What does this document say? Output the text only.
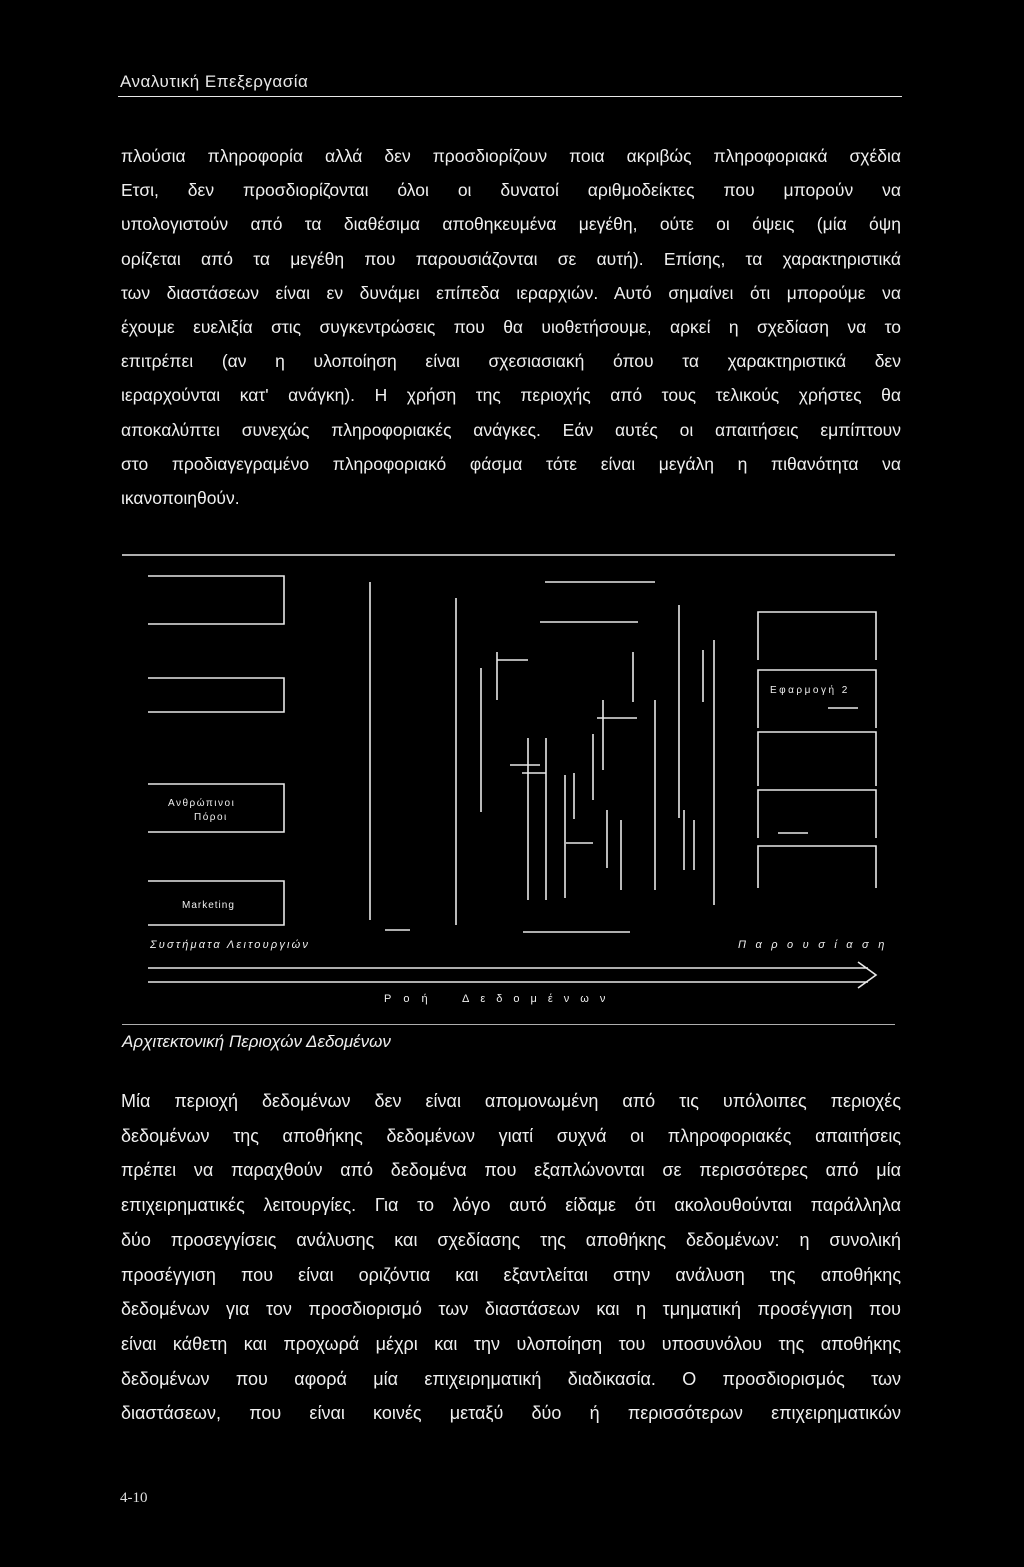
Αναλυτική Επεξεργασία
πλούσια πληροφορία αλλά δεν προσδιορίζουν ποια ακριβώς πληροφοριακά σχέδια
Ετσι, δεν προσδιορίζονται όλοι οι δυνατοί αριθμοδείκτες που μπορούν να
υπολογιστούν από τα διαθέσιμα αποθηκευμένα μεγέθη, ούτε οι όψεις (μία όψη
ορίζεται από τα μεγέθη που παρουσιάζονται σε αυτή). Επίσης, τα χαρακτηριστικά
των διαστάσεων είναι εν δυνάμει επίπεδα ιεραρχιών. Αυτό σημαίνει ότι μπορούμε να
έχουμε ευελιξία στις συγκεντρώσεις που θα υιοθετήσουμε, αρκεί η σχεδίαση να το
επιτρέπει (αν η υλοποίηση είναι σχεσιασιακή όπου τα χαρακτηριστικά δεν
ιεραρχούνται κατ' ανάγκη). Η χρήση της περιοχής από τους τελικούς χρήστες θα
αποκαλύπτει συνεχώς πληροφοριακές ανάγκες. Εάν αυτές οι απαιτήσεις εμπίπτουν
στο προδιαγεγραμένο πληροφοριακό φάσμα τότε είναι μεγάλη η πιθανότητα να
ικανοποιηθούν.
Ανθρώπινοι
Πόροι
Marketing
Εφαρμογή 2
Συστήματα Λειτουργιών	Παρουσίαση
Ροή Δεδομένων
Αρχιτεκτονική Περιοχών Δεδομένων
Μία περιοχή δεδομένων δεν είναι απομονωμένη από τις υπόλοιπες περιοχές
δεδομένων της αποθήκης δεδομένων γιατί συχνά οι πληροφοριακές απαιτήσεις
πρέπει να παραχθούν από δεδομένα που εξαπλώνονται σε περισσότερες από μία
επιχειρηματικές λειτουργίες. Για το λόγο αυτό είδαμε ότι ακολουθούνται παράλληλα
δύο προσεγγίσεις ανάλυσης και σχεδίασης της αποθήκης δεδομένων: η συνολική
προσέγγιση που είναι οριζόντια και εξαντλείται στην ανάλυση της αποθήκης
δεδομένων για τον προσδιορισμό των διαστάσεων και η τμηματική προσέγγιση που
είναι κάθετη και προχωρά μέχρι και την υλοποίηση του υποσυνόλου της αποθήκης
δεδομένων που αφορά μία επιχειρηματική διαδικασία. Ο προσδιορισμός των
διαστάσεων, που είναι κοινές μεταξύ δύο ή περισσότερων επιχειρηματικών
4-10
